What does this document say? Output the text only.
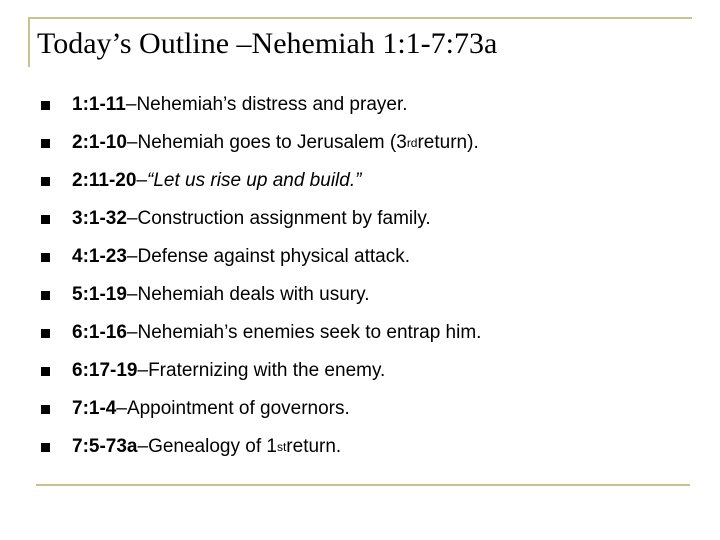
Today’s Outline –Nehemiah 1:1-7:73a
1:1-11 – Nehemiah’s distress and prayer.
2:1-10 – Nehemiah goes to Jerusalem (3 rd return).
2:11-20 – “Let us rise up and build.”
3:1-32 – Construction assignment by family.
4:1-23 – Defense against physical attack.
5:1-19 – Nehemiah deals with usury.
6:1-16 – Nehemiah’s enemies seek to entrap him.
6:17-19 – Fraternizing with the enemy.
7:1-4 – Appointment of governors.
7:5-73a – Genealogy of 1 st return.
